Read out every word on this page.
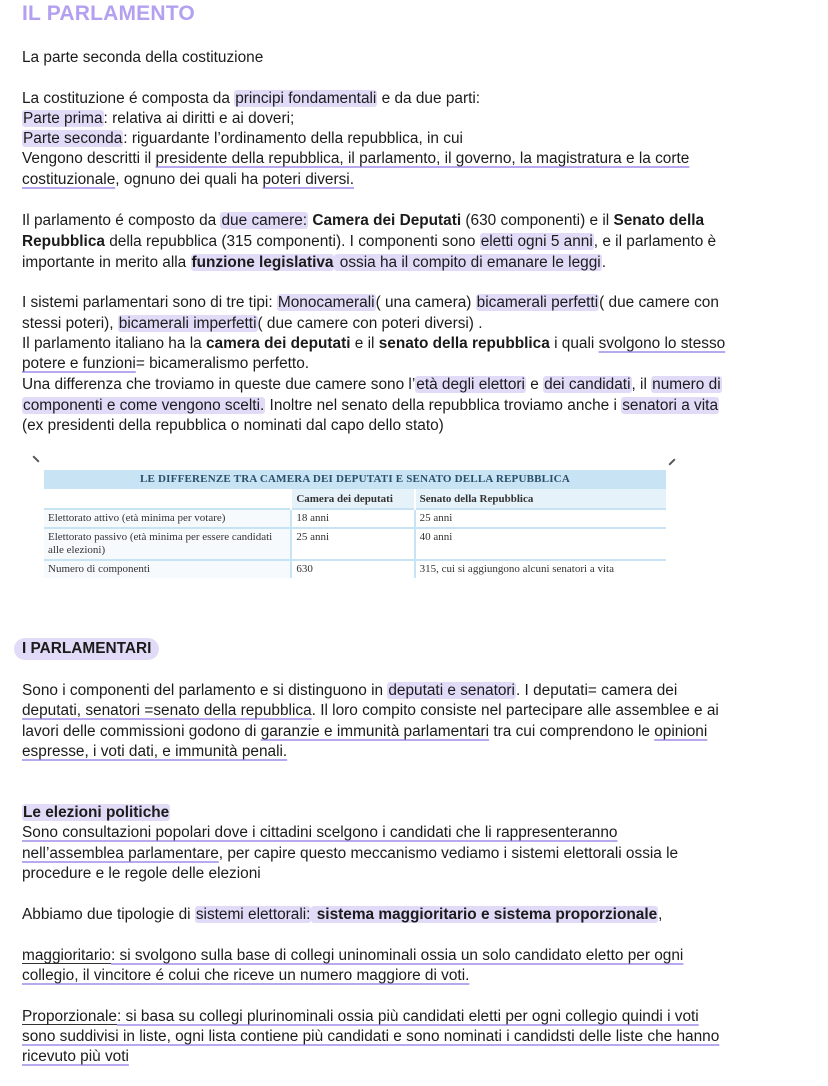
IL PARLAMENTO
La parte seconda della costituzione
La costituzione é composta da principi fondamentali e da due parti:
Parte prima: relativa ai diritti e ai doveri;
Parte seconda: riguardante l’ordinamento della repubblica, in cui
Vengono descritti il presidente della repubblica, il parlamento, il governo, la magistratura e la corte
costituzionale, ognuno dei quali ha poteri diversi.
Il parlamento é composto da due camere: Camera dei Deputati (630 componenti) e il Senato della
Repubblica della repubblica (315 componenti). I componenti sono eletti ogni 5 anni, e il parlamento è
importante in merito alla funzione legislativa ossia ha il compito di emanare le leggi.
I sistemi parlamentari sono di tre tipi: Monocamerali( una camera) bicamerali perfetti( due camere con
stessi poteri), bicamerali imperfetti( due camere con poteri diversi) .
Il parlamento italiano ha la camera dei deputati e il senato della repubblica i quali svolgono lo stesso
potere e funzioni= bicameralismo perfetto.
Una differenza che troviamo in queste due camere sono l’età degli elettori e dei candidati, il numero di
componenti e come vengono scelti. Inoltre nel senato della repubblica troviamo anche i senatori a vita
(ex presidenti della repubblica o nominati dal capo dello stato)
LE DIFFERENZE TRA CAMERA DEI DEPUTATI E SENATO DELLA REPUBBLICA
	Camera dei deputati	Senato della Repubblica
Elettorato attivo (età minima per votare)	18 anni	25 anni
Elettorato passivo (età minima per essere candidati alle elezioni)	25 anni	40 anni
Numero di componenti	630	315, cui si aggiungono alcuni senatori a vita
I PARLAMENTARI
Sono i componenti del parlamento e si distinguono in deputati e senatori. I deputati= camera dei
deputati, senatori =senato della repubblica. Il loro compito consiste nel partecipare alle assemblee e ai
lavori delle commissioni godono di garanzie e immunità parlamentari tra cui comprendono le opinioni
espresse, i voti dati, e immunità penali.
Le elezioni politiche
Sono consultazioni popolari dove i cittadini scelgono i candidati che li rappresenteranno
nell’assemblea parlamentare, per capire questo meccanismo vediamo i sistemi elettorali ossia le
procedure e le regole delle elezioni
Abbiamo due tipologie di sistemi elettorali: sistema maggioritario e sistema proporzionale,
maggioritario: si svolgono sulla base di collegi uninominali ossia un solo candidato eletto per ogni
collegio, il vincitore é colui che riceve un numero maggiore di voti.
Proporzionale: si basa su collegi plurinominali ossia più candidati eletti per ogni collegio quindi i voti
sono suddivisi in liste, ogni lista contiene più candidati e sono nominati i candidsti delle liste che hanno
ricevuto più voti
